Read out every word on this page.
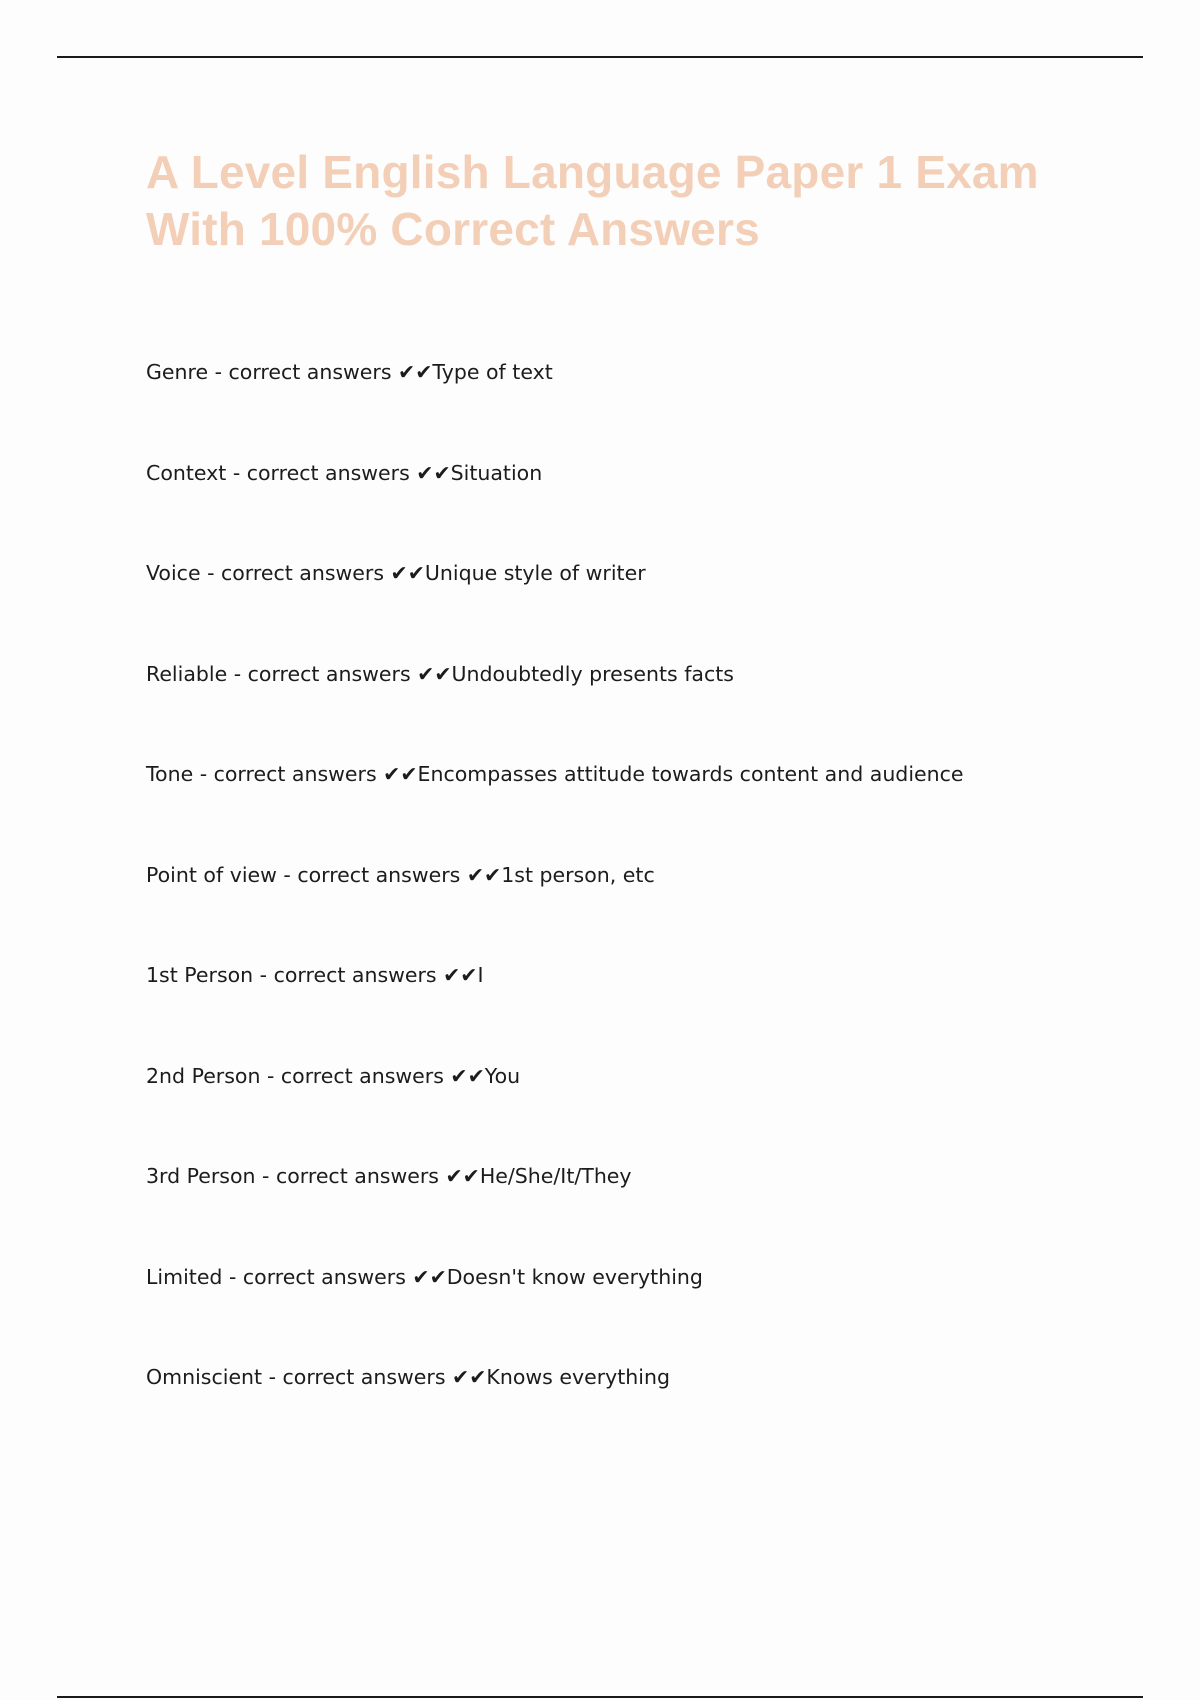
A Level English Language Paper 1 Exam With 100% Correct Answers
Genre - correct answers ✔✔Type of text
Context - correct answers ✔✔Situation
Voice - correct answers ✔✔Unique style of writer
Reliable - correct answers ✔✔Undoubtedly presents facts
Tone - correct answers ✔✔Encompasses attitude towards content and audience
Point of view - correct answers ✔✔1st person, etc
1st Person - correct answers ✔✔I
2nd Person - correct answers ✔✔You
3rd Person - correct answers ✔✔He/She/It/They
Limited - correct answers ✔✔Doesn't know everything
Omniscient - correct answers ✔✔Knows everything
